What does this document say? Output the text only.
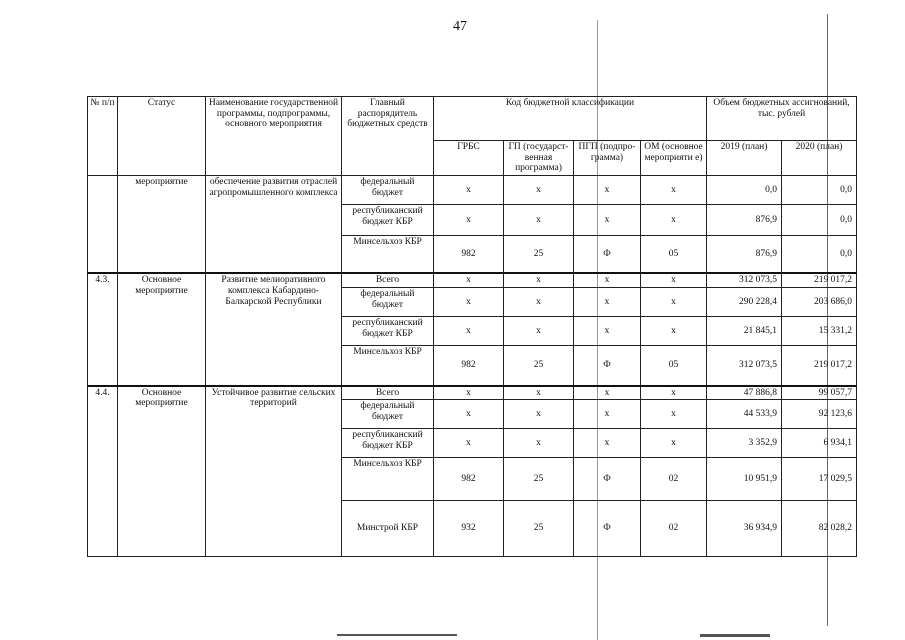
47
№ п/п	Статус	Наименование государственной программы, подпрограммы, основного мероприятия	Главный распорядитель бюджетных средств	Код бюджетной классификации				Объем бюджетных ассигнований, тыс. рублей	
				ГРБС	ГП (государст-венная программа)	ПГП (подпро-грамма)	ОМ (основное мероприяти е)	2019 (план)	2020 (план)
	мероприятие	обеспечение развития отраслей агропромышленного комплекса	федеральный бюджет	x	x	x	x	0,0	0,0
			республиканский бюджет КБР	x	x	x	x	876,9	0,0
			Минсельхоз КБР	982	25	Ф	05	876,9	0,0
4.3.	Основное мероприятие	Развитие мелиоративного комплекса Кабардино-Балкарской Республики	Всего	x	x	x	x	312 073,5	219 017,2
			федеральный бюджет	x	x	x	x	290 228,4	203 686,0
			республиканский бюджет КБР	x	x	x	x	21 845,1	15 331,2
			Минсельхоз КБР	982	25	Ф	05	312 073,5	219 017,2
4.4.	Основное мероприятие	Устойчивое развитие сельских территорий	Всего	x	x	x	x	47 886,8	99 057,7
			федеральный бюджет	x	x	x	x	44 533,9	92 123,6
			республиканский бюджет КБР	x	x	x	x	3 352,9	6 934,1
			Минсельхоз КБР	982	25	Ф	02	10 951,9	17 029,5
			Минстрой КБР	932	25	Ф	02	36 934,9	82 028,2
